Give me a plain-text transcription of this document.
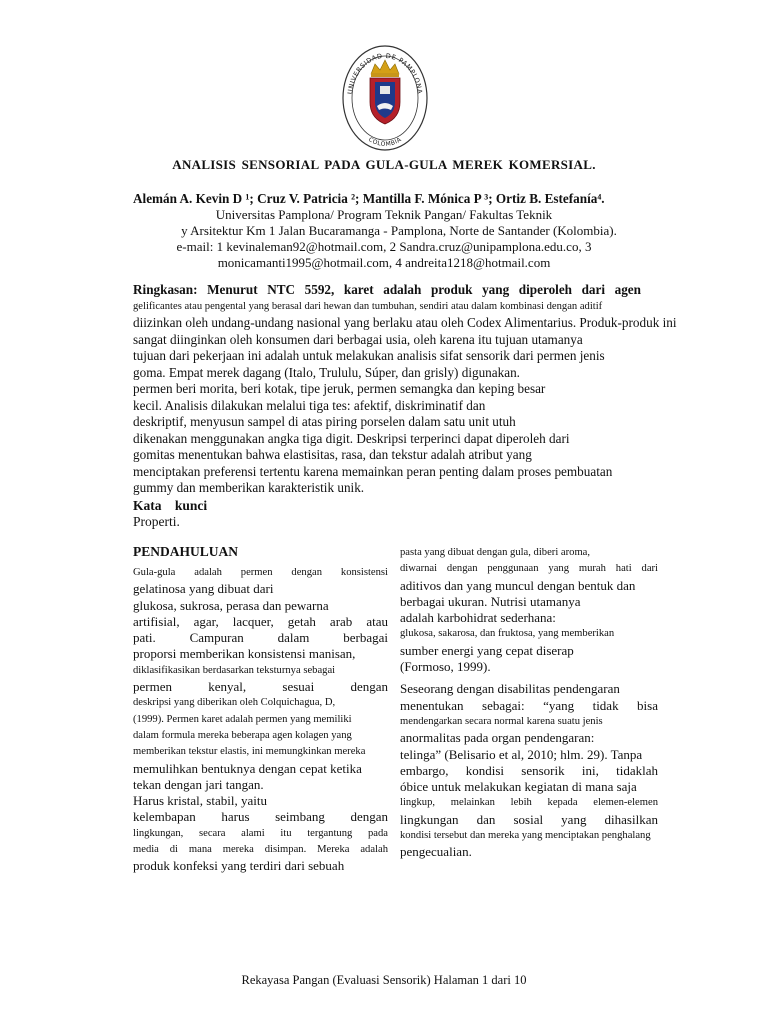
UNIVERSIDAD DE PAMPLONA
COLOMBIA
ANALISIS SENSORIAL PADA GULA-GULA MEREK KOMERSIAL.
Alemán A. Kevin D ¹; Cruz V. Patricia ²; Mantilla F. Mónica P ³; Ortiz B. Estefanía⁴.
Universitas Pamplona/ Program Teknik Pangan/ Fakultas Teknik
y Arsitektur Km 1 Jalan Bucaramanga - Pamplona, Norte de Santander (Kolombia).
e-mail: 1 kevinaleman92@hotmail.com, 2 Sandra.cruz@unipamplona.edu.co, 3
monicamanti1995@hotmail.com, 4 andreita1218@hotmail.com
Ringkasan: Menurut NTC 5592, karet adalah produk yang diperoleh dari agen
gelificantes atau pengental yang berasal dari hewan dan tumbuhan, sendiri atau dalam kombinasi dengan aditif
diizinkan oleh undang-undang nasional yang berlaku atau oleh Codex Alimentarius. Produk-produk ini
sangat diinginkan oleh konsumen dari berbagai usia, oleh karena itu tujuan utamanya
tujuan dari pekerjaan ini adalah untuk melakukan analisis sifat sensorik dari permen jenis
goma. Empat merek dagang (Italo, Trululu, Súper, dan grisly) digunakan.
permen beri morita, beri kotak, tipe jeruk, permen semangka dan keping besar
kecil. Analisis dilakukan melalui tiga tes: afektif, diskriminatif dan
deskriptif, menyusun sampel di atas piring porselen dalam satu unit utuh
dikenakan menggunakan angka tiga digit. Deskripsi terperinci dapat diperoleh dari
gomitas menentukan bahwa elastisitas, rasa, dan tekstur adalah atribut yang
menciptakan preferensi tertentu karena memainkan peran penting dalam proses pembuatan
gummy dan memberikan karakteristik unik.
Kata kunci
Properti.
PENDAHULUAN
Gula-gula adalah permen dengan konsistensi
gelatinosa yang dibuat dari
glukosa, sukrosa, perasa dan pewarna
artifisial, agar, lacquer, getah arab atau
pati. Campuran dalam berbagai
proporsi memberikan konsistensi manisan,
diklasifikasikan berdasarkan teksturnya sebagai
permen kenyal, sesuai dengan
deskripsi yang diberikan oleh Colquichagua, D,
(1999). Permen karet adalah permen yang memiliki
dalam formula mereka beberapa agen kolagen yang
memberikan tekstur elastis, ini memungkinkan mereka
memulihkan bentuknya dengan cepat ketika
tekan dengan jari tangan.
Harus kristal, stabil, yaitu
kelembapan harus seimbang dengan
lingkungan, secara alami itu tergantung pada
media di mana mereka disimpan. Mereka adalah
produk konfeksi yang terdiri dari sebuah
pasta yang dibuat dengan gula, diberi aroma,
diwarnai dengan penggunaan yang murah hati dari
aditivos dan yang muncul dengan bentuk dan
berbagai ukuran. Nutrisi utamanya
adalah karbohidrat sederhana:
glukosa, sakarosa, dan fruktosa, yang memberikan
sumber energi yang cepat diserap
(Formoso, 1999).
Seseorang dengan disabilitas pendengaran
menentukan sebagai: “yang tidak bisa
mendengarkan secara normal karena suatu jenis
anormalitas pada organ pendengaran:
telinga” (Belisario et al, 2010; hlm. 29). Tanpa
embargo, kondisi sensorik ini, tidaklah
óbice untuk melakukan kegiatan di mana saja
lingkup, melainkan lebih kepada elemen-elemen
lingkungan dan sosial yang dihasilkan
kondisi tersebut dan mereka yang menciptakan penghalang
pengecualian.
Rekayasa Pangan (Evaluasi Sensorik) Halaman 1 dari 10
